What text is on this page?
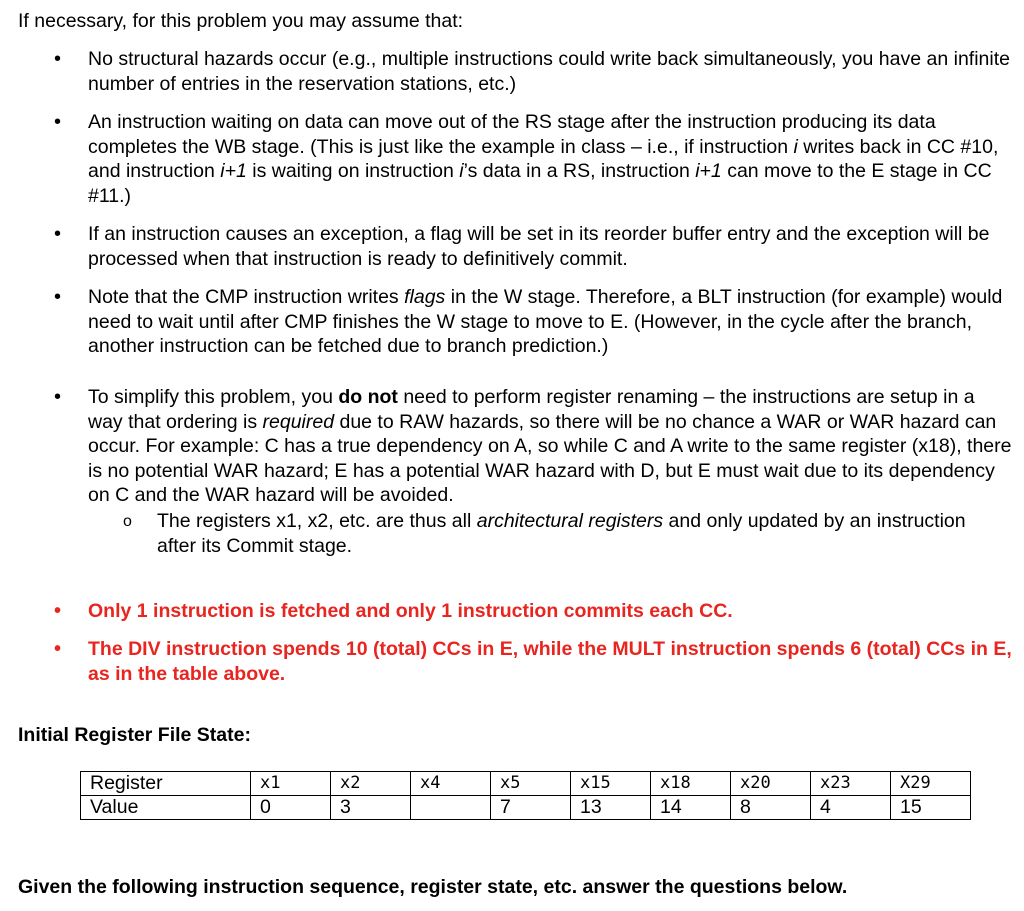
If necessary, for this problem you may assume that:
•
No structural hazards occur (e.g., multiple instructions could write back simultaneously, you have an infinite number of entries in the reservation stations, etc.)
•
An instruction waiting on data can move out of the RS stage after the instruction producing its data completes the WB stage. (This is just like the example in class – i.e., if instruction i writes back in CC #10, and instruction i+1 is waiting on instruction i’s data in a RS, instruction i+1 can move to the E stage in CC #11.)
•
If an instruction causes an exception, a flag will be set in its reorder buffer entry and the exception will be processed when that instruction is ready to definitively commit.
•
Note that the CMP instruction writes flags in the W stage. Therefore, a BLT instruction (for example) would need to wait until after CMP finishes the W stage to move to E. (However, in the cycle after the branch, another instruction can be fetched due to branch prediction.)
•
To simplify this problem, you do not need to perform register renaming – the instructions are setup in a way that ordering is required due to RAW hazards, so there will be no chance a WAR or WAR hazard can occur. For example: C has a true dependency on A, so while C and A write to the same register (x18), there is no potential WAR hazard; E has a potential WAR hazard with D, but E must wait due to its dependency on C and the WAR hazard will be avoided.
o The registers x1, x2, etc. are thus all architectural registers and only updated by an instruction after its Commit stage.
•
Only 1 instruction is fetched and only 1 instruction commits each CC.
•
The DIV instruction spends 10 (total) CCs in E, while the MULT instruction spends 6 (total) CCs in E, as in the table above.
Initial Register File State:
Register	x1	x2	x4	x5	x15	x18	x20	x23	X29
Value	0	3		7	13	14	8	4	15
Given the following instruction sequence, register state, etc. answer the questions below.
